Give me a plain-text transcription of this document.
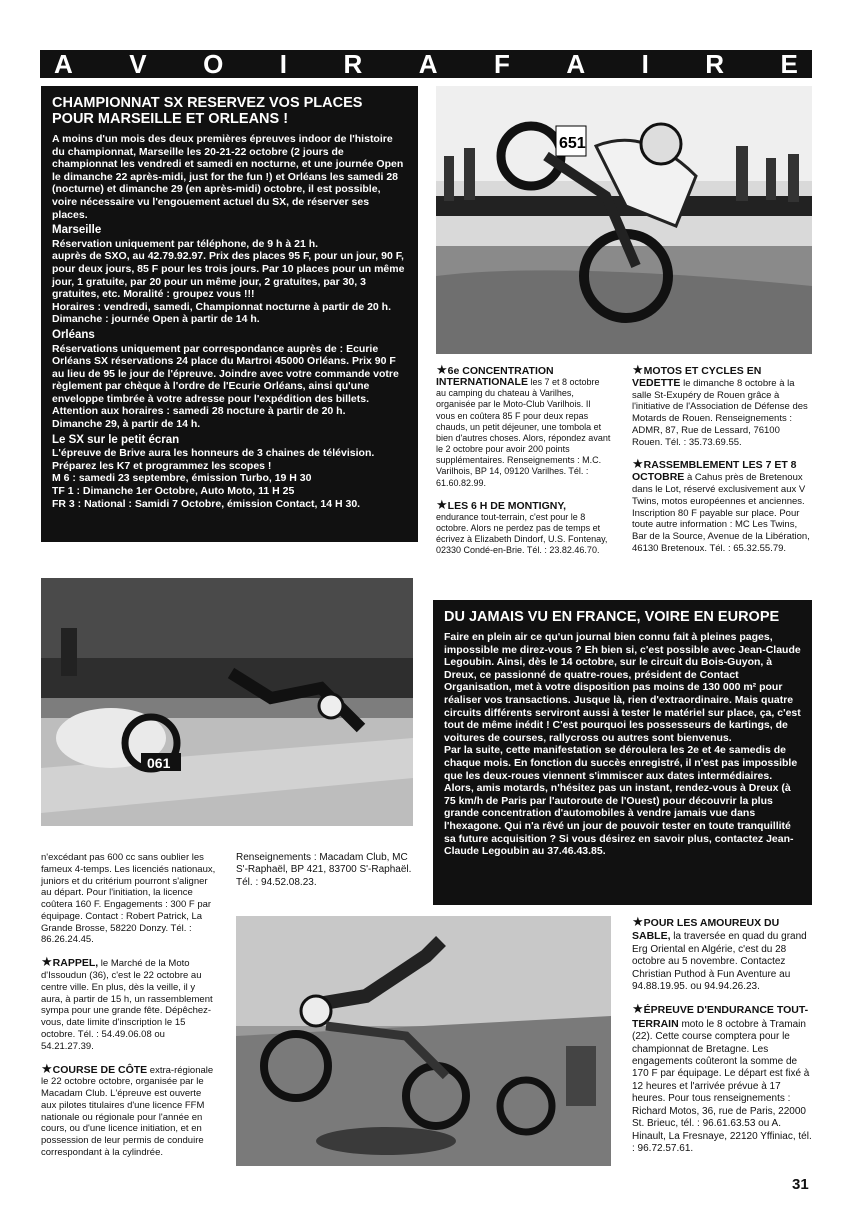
A V O I R A F A I R E
CHAMPIONNAT SX RESERVEZ VOS PLACES
POUR MARSEILLE ET ORLEANS !

A moins d'un mois des deux premières épreuves indoor de l'histoire du championnat, Marseille les 20-21-22 octobre (2 jours de championnat les vendredi et samedi en nocturne, et une journée Open le dimanche 22 après-midi, just for the fun !) et Orléans les samedi 28 (nocturne) et dimanche 29 (en après-midi) octobre, il est possible, voire nécessaire vu l'engouement actuel du SX, de réserver ses places.

Marseille

Réservation uniquement par téléphone, de 9 h à 21 h.

auprès de SXO, au 42.79.92.97. Prix des places 95 F, pour un jour, 90 F, pour deux jours, 85 F pour les trois jours. Par 10 places pour un même jour, 1 gratuite, par 20 pour un même jour, 2 gratuites, par 30, 3 gratuites, etc. Moralité : groupez vous !!!

Horaires : vendredi, samedi, Championnat nocturne à partir de 20 h.

Dimanche : journée Open à partir de 14 h.

Orléans

Réservations uniquement par correspondance auprès de : Ecurie Orléans SX réservations 24 place du Martroi 45000 Orléans. Prix 90 F au lieu de 95 le jour de l'épreuve. Joindre avec votre commande votre règlement par chèque à l'ordre de l'Ecurie Orléans, ainsi qu'une enveloppe timbrée à votre adresse pour l'expédition des billets.

Attention aux horaires : samedi 28 nocture à partir de 20 h.

Dimanche 29, à partir de 14 h.

Le SX sur le petit écran

L'épreuve de Brive aura les honneurs de 3 chaines de télévision. Préparez les K7 et programmez les scopes !

M 6 : samedi 23 septembre, émission Turbo, 19 H 30

TF 1 : Dimanche 1er Octobre, Auto Moto, 11 H 25

FR 3 : National : Samidi 7 Octobre, émission Contact, 14 H 30.

651

★6e CONCENTRATION INTERNATIONALE les 7 et 8 octobre au camping du chateau à Varilhes, organisée par le Moto-Club Varilhois. Il vous en coûtera 85 F pour deux repas chauds, un petit déjeuner, une tombola et bien d'autres choses. Alors, répondez avant le 2 octobre pour avoir 200 points supplémentaires. Renseignements : M.C. Varilhois, BP 14, 09120 Varilhes. Tél. : 61.60.82.99.

★LES 6 H DE MONTIGNY, endurance tout-terrain, c'est pour le 8 octobre. Alors ne perdez pas de temps et écrivez à Elizabeth Dindorf, U.S. Fontenay, 02330 Condé-en-Brie. Tél. : 23.82.46.70.

★MOTOS ET CYCLES EN VEDETTE le dimanche 8 octobre à la salle St-Exupéry de Rouen grâce à l'initiative de l'Association de Défense des Motards de Rouen. Renseignements : ADMR, 87, Rue de Lessard, 76100 Rouen. Tél. : 35.73.69.55.

★RASSEMBLEMENT LES 7 ET 8 OCTOBRE à Cahus près de Bretenoux dans le Lot, réservé exclusivement aux V Twins, motos européennes et anciennes. Inscription 80 F payable sur place. Pour toute autre information : MC Les Twins, Bar de la Source, Avenue de la Libération, 46130 Bretenoux. Tél. : 65.32.55.79.

061
DU JAMAIS VU EN FRANCE, VOIRE EN EUROPE

Faire en plein air ce qu'un journal bien connu fait à pleines pages, impossible me direz-vous ? Eh bien si, c'est possible avec Jean-Claude Legoubin. Ainsi, dès le 14 octobre, sur le circuit du Bois-Guyon, à Dreux, ce passionné de quatre-roues, président de Contact Organisation, met à votre disposition pas moins de 130 000 m² pour réaliser vos transactions. Jusque là, rien d'extraordinaire. Mais quatre circuits différents serviront aussi à tester le matériel sur place, ça, c'est tout de même inédit ! C'est pourquoi les possesseurs de kartings, de voitures de courses, rallycross ou autres sont bienvenus.

Par la suite, cette manifestation se déroulera les 2e et 4e samedis de chaque mois. En fonction du succès enregistré, il n'est pas impossible que les deux-roues viennent s'immiscer aux dates intermédiaires. Alors, amis motards, n'hésitez pas un instant, rendez-vous à Dreux (à 75 km/h de Paris par l'autoroute de l'Ouest) pour découvrir la plus grande concentration d'automobiles à vendre jamais vue dans l'hexagone. Qui n'a rêvé un jour de pouvoir tester en toute tranquillité sa future acquisition ? Si vous désirez en savoir plus, contactez Jean-Claude Legoubin au 37.46.43.85.

n'excédant pas 600 cc sans oublier les fameux 4-temps. Les licenciés nationaux, juniors et du critérium pourront s'aligner au départ. Pour l'initiation, la licence coûtera 160 F. Engagements : 300 F par équipage. Contact : Robert Patrick, La Grande Brosse, 58220 Donzy. Tél. : 86.26.24.45.

★RAPPEL, le Marché de la Moto d'Issoudun (36), c'est le 22 octobre au centre ville. En plus, dès la veille, il y aura, à partir de 15 h, un rassemblement sympa pour une grande fête. Dépêchez-vous, date limite d'inscription le 15 octobre. Tél. : 54.49.06.08 ou 54.21.27.39.

★COURSE DE CÔTE extra-régionale le 22 octobre octobre, organisée par le Macadam Club. L'épreuve est ouverte aux pilotes titulaires d'une licence FFM nationale ou régionale pour l'année en cours, ou d'une licence initiation, et en possession de leur permis de conduire correspondant à la cylindrée.

Renseignements : Macadam Club, MC S'-Raphaël, BP 421, 83700 S'-Raphaël. Tél. : 94.52.08.23.

★POUR LES AMOUREUX DU SABLE, la traversée en quad du grand Erg Oriental en Algérie, c'est du 28 octobre au 5 novembre. Contactez Christian Puthod à Fun Aventure au 94.88.19.95. ou 94.94.26.23.

★ÉPREUVE D'ENDURANCE TOUT-TERRAIN moto le 8 octobre à Tramain (22). Cette course comptera pour le championnat de Bretagne. Les engagements coûteront la somme de 170 F par équipage. Le départ est fixé à 12 heures et l'arrivée prévue à 17 heures. Pour tous renseignements : Richard Motos, 36, rue de Paris, 22000 St. Brieuc, tél. : 96.61.63.53 ou A. Hinault, La Fresnaye, 22120 Yffiniac, tél. : 96.72.57.61.

31
